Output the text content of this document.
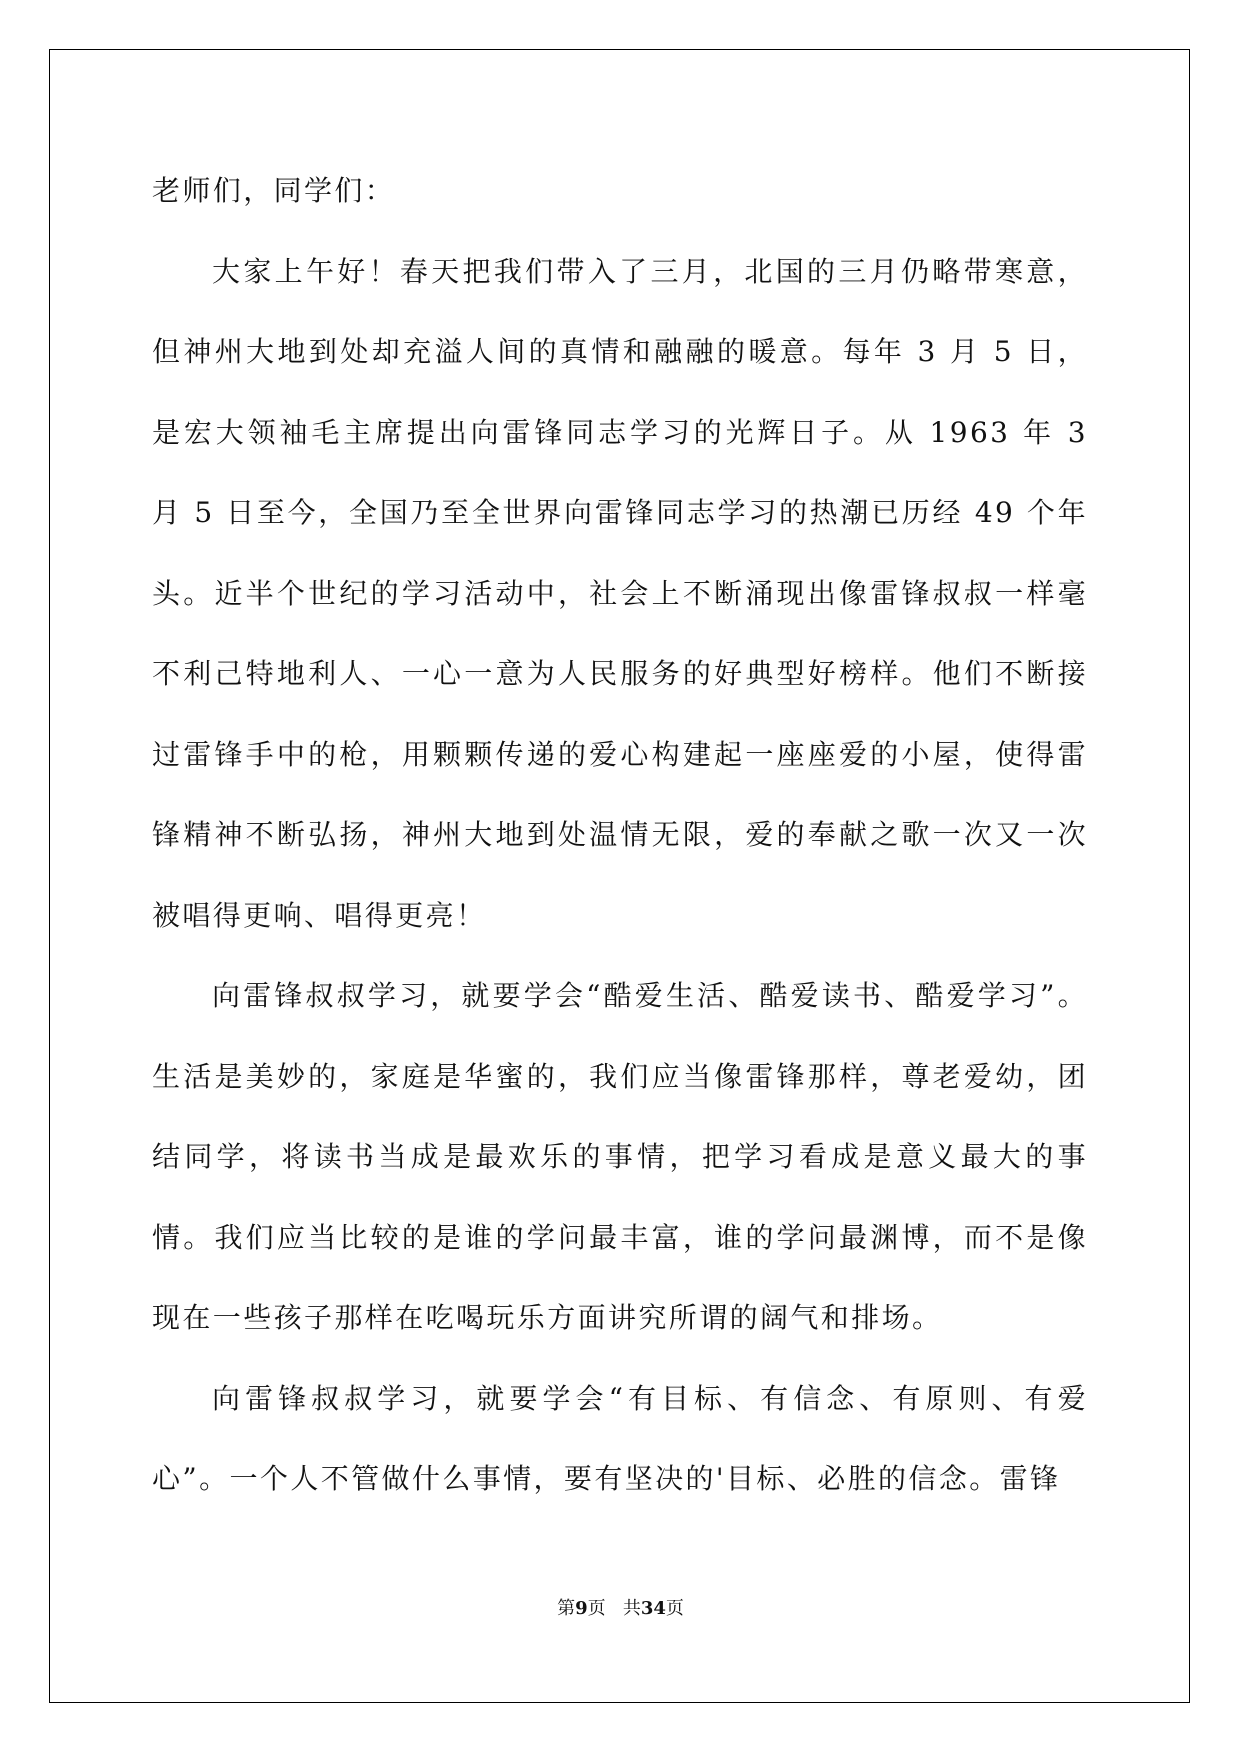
老师们，同学们：

大家上午好！春天把我们带入了三月，北国的三月仍略带寒意，但神州大地到处却充溢人间的真情和融融的暖意。每年 3 月 5 日，是宏大领袖毛主席提出向雷锋同志学习的光辉日子。从 1963 年 3 月 5 日至今，全国乃至全世界向雷锋同志学习的热潮已历经 49 个年头。近半个世纪的学习活动中，社会上不断涌现出像雷锋叔叔一样毫不利己特地利人、一心一意为人民服务的好典型好榜样。他们不断接过雷锋手中的枪，用颗颗传递的爱心构建起一座座爱的小屋，使得雷锋精神不断弘扬，神州大地到处温情无限，爱的奉献之歌一次又一次被唱得更响、唱得更亮！

向雷锋叔叔学习，就要学会“酷爱生活、酷爱读书、酷爱学习”。生活是美妙的，家庭是华蜜的，我们应当像雷锋那样，尊老爱幼，团结同学，将读书当成是最欢乐的事情，把学习看成是意义最大的事情。我们应当比较的是谁的学问最丰富，谁的学问最渊博，而不是像现在一些孩子那样在吃喝玩乐方面讲究所谓的阔气和排场。

向雷锋叔叔学习，就要学会“有目标、有信念、有原则、有爱心”。一个人不管做什么事情，要有坚决的'目标、必胜的信念。雷锋

第9页 共34页
